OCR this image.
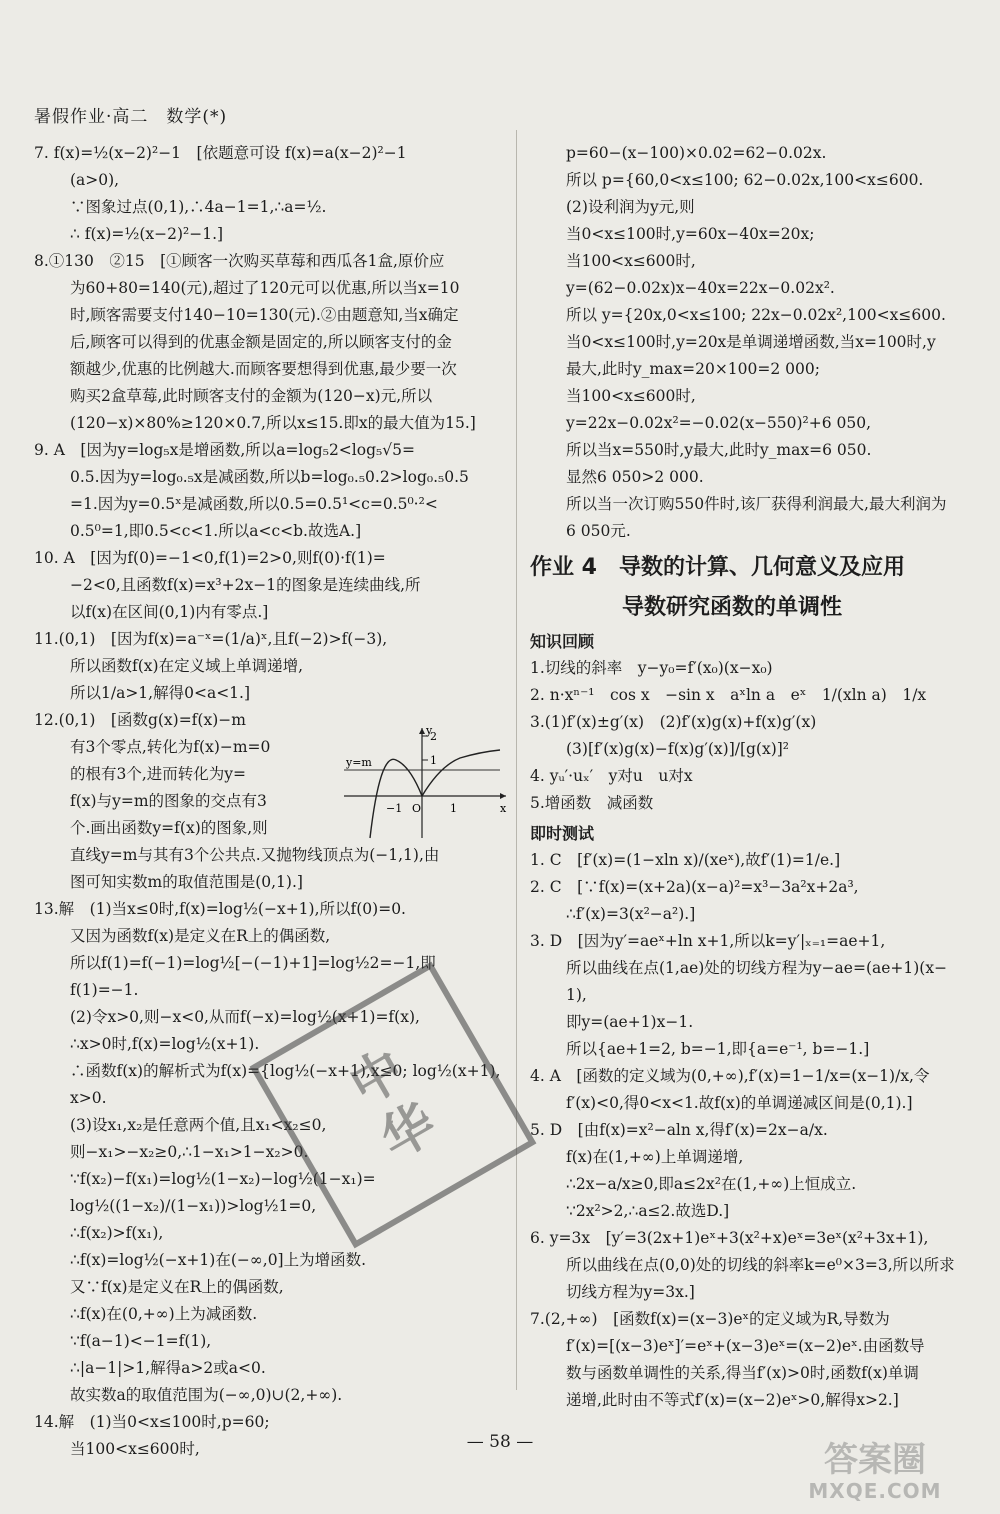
暑假作业·高二　数学(*)
7. f(x)=½(x−2)²−1　[依题意可设 f(x)=a(x−2)²−1
(a>0),
∵图象过点(0,1),∴4a−1=1,∴a=½.
∴ f(x)=½(x−2)²−1.]
8.①130　②15　[①顾客一次购买草莓和西瓜各1盒,原价应
为60+80=140(元),超过了120元可以优惠,所以当x=10
时,顾客需要支付140−10=130(元).②由题意知,当x确定
后,顾客可以得到的优惠金额是固定的,所以顾客支付的金
额越少,优惠的比例越大.而顾客要想得到优惠,最少要一次
购买2盒草莓,此时顾客支付的金额为(120−x)元,所以
(120−x)×80%≥120×0.7,所以x≤15.即x的最大值为15.]
9. A　[因为y=log₅x是增函数,所以a=log₅2<log₅√5=
0.5.因为y=log₀.₅x是减函数,所以b=log₀.₅0.2>log₀.₅0.5
=1.因为y=0.5ˣ是减函数,所以0.5=0.5¹<c=0.5⁰·²<
0.5⁰=1,即0.5<c<1.所以a<c<b.故选A.]
10. A　[因为f(0)=−1<0,f(1)=2>0,则f(0)·f(1)=
−2<0,且函数f(x)=x³+2x−1的图象是连续曲线,所
以f(x)在区间(0,1)内有零点.]
11.(0,1)　[因为f(x)=a⁻ˣ=(1/a)ˣ,且f(−2)>f(−3),
所以函数f(x)在定义域上单调递增,
所以1/a>1,解得0<a<1.]
12.(0,1)　[函数g(x)=f(x)−m
有3个零点,转化为f(x)−m=0
的根有3个,进而转化为y=
f(x)与y=m的图象的交点有3
个.画出函数y=f(x)的图象,则
直线y=m与其有3个公共点.又抛物线顶点为(−1,1),由
图可知实数m的取值范围是(0,1).]
13.解　(1)当x≤0时,f(x)=log½(−x+1),所以f(0)=0.
又因为函数f(x)是定义在R上的偶函数,
所以f(1)=f(−1)=log½[−(−1)+1]=log½2=−1,即
f(1)=−1.
(2)令x>0,则−x<0,从而f(−x)=log½(x+1)=f(x),
∴x>0时,f(x)=log½(x+1).
∴函数f(x)的解析式为f(x)={log½(−x+1),x≤0; log½(x+1),x>0.
(3)设x₁,x₂是任意两个值,且x₁<x₂≤0,
则−x₁>−x₂≥0,∴1−x₁>1−x₂>0.
∵f(x₂)−f(x₁)=log½(1−x₂)−log½(1−x₁)=
log½((1−x₂)/(1−x₁))>log½1=0,
∴f(x₂)>f(x₁),
∴f(x)=log½(−x+1)在(−∞,0]上为增函数.
又∵f(x)是定义在R上的偶函数,
∴f(x)在(0,+∞)上为减函数.
∵f(a−1)<−1=f(1),
∴|a−1|>1,解得a>2或a<0.
故实数a的取值范围为(−∞,0)∪(2,+∞).
14.解　(1)当0<x≤100时,p=60;
当100<x≤600时,
y
x
y=m
−1 O	1
2
1
p=60−(x−100)×0.02=62−0.02x.
所以 p={60,0<x≤100; 62−0.02x,100<x≤600.
(2)设利润为y元,则
当0<x≤100时,y=60x−40x=20x;
当100<x≤600时,
y=(62−0.02x)x−40x=22x−0.02x².
所以 y={20x,0<x≤100; 22x−0.02x²,100<x≤600.
当0<x≤100时,y=20x是单调递增函数,当x=100时,y
最大,此时y_max=20×100=2 000;
当100<x≤600时,
y=22x−0.02x²=−0.02(x−550)²+6 050,
所以当x=550时,y最大,此时y_max=6 050.
显然6 050>2 000.
所以当一次订购550件时,该厂获得利润最大,最大利润为
6 050元.
作业 4 导数的计算、几何意义及应用
导数研究函数的单调性
知识回顾
1.切线的斜率　y−y₀=f′(x₀)(x−x₀)
2. n·xⁿ⁻¹　cos x　−sin x　aˣln a　eˣ　1/(xln a)　1/x
3.(1)f′(x)±g′(x)　(2)f′(x)g(x)+f(x)g′(x)
(3)[f′(x)g(x)−f(x)g′(x)]/[g(x)]²
4. yᵤ′·uₓ′　y对u　u对x
5.增函数　减函数
即时测试
1. C　[f′(x)=(1−xln x)/(xeˣ),故f′(1)=1/e.]
2. C　[∵f(x)=(x+2a)(x−a)²=x³−3a²x+2a³,
∴f′(x)=3(x²−a²).]
3. D　[因为y′=aeˣ+ln x+1,所以k=y′|ₓ₌₁=ae+1,
所以曲线在点(1,ae)处的切线方程为y−ae=(ae+1)(x−
1),
即y=(ae+1)x−1.
所以{ae+1=2, b=−1,即{a=e⁻¹, b=−1.]
4. A　[函数的定义域为(0,+∞),f′(x)=1−1/x=(x−1)/x,令
f′(x)<0,得0<x<1.故f(x)的单调递减区间是(0,1).]
5. D　[由f(x)=x²−aln x,得f′(x)=2x−a/x.
f(x)在(1,+∞)上单调递增,
∴2x−a/x≥0,即a≤2x²在(1,+∞)上恒成立.
∵2x²>2,∴a≤2.故选D.]
6. y=3x　[y′=3(2x+1)eˣ+3(x²+x)eˣ=3eˣ(x²+3x+1),
所以曲线在点(0,0)处的切线的斜率k=e⁰×3=3,所以所求
切线方程为y=3x.]
7.(2,+∞)　[函数f(x)=(x−3)eˣ的定义域为R,导数为
f′(x)=[(x−3)eˣ]′=eˣ+(x−3)eˣ=(x−2)eˣ.由函数导
数与函数单调性的关系,得当f′(x)>0时,函数f(x)单调
递增,此时由不等式f′(x)=(x−2)eˣ>0,解得x>2.]
中
华
— 58 —	答案圈
MXQE.COM
